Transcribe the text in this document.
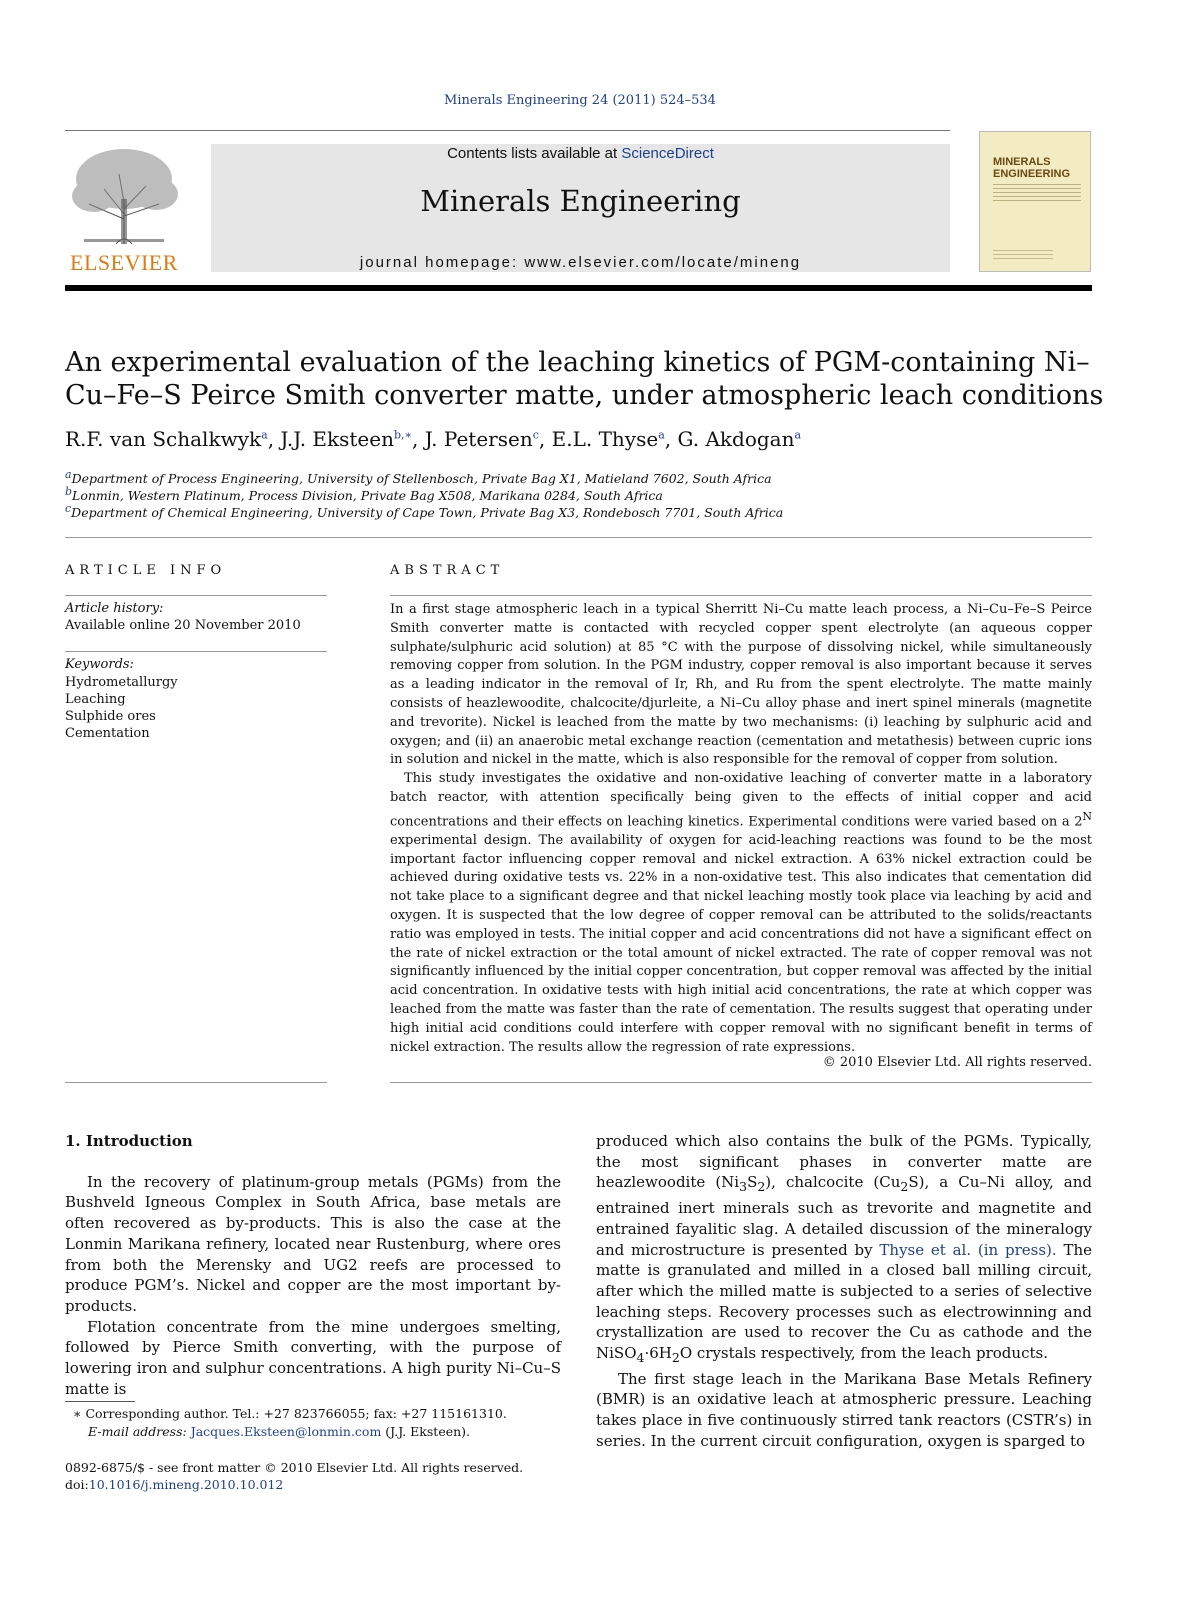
Minerals Engineering 24 (2011) 524–534
ELSEVIER
Contents lists available at ScienceDirect
Minerals Engineering
journal homepage: www.elsevier.com/locate/mineng
MINERALS ENGINEERING
An experimental evaluation of the leaching kinetics of PGM-containing Ni–Cu–Fe–S Peirce Smith converter matte, under atmospheric leach conditions
R.F. van Schalkwyk$^a$, J.J. Eksteen$^{b,∗}$, J. Petersen$^c$, E.L. Thyse$^a$, G. Akdogan$^a$
$^a$Department of Process Engineering, University of Stellenbosch, Private Bag X1, Matieland 7602, South Africa
$^b$Lonmin, Western Platinum, Process Division, Private Bag X508, Marikana 0284, South Africa
$^c$Department of Chemical Engineering, University of Cape Town, Private Bag X3, Rondebosch 7701, South Africa
ARTICLE INFO
Article history:
Available online 20 November 2010
Keywords:
Hydrometallurgy
Leaching
Sulphide ores
Cementation
ABSTRACT

In a first stage atmospheric leach in a typical Sherritt Ni–Cu matte leach process, a Ni–Cu–Fe–S Peirce Smith converter matte is contacted with recycled copper spent electrolyte (an aqueous copper sulphate/sulphuric acid solution) at 85 °C with the purpose of dissolving nickel, while simultaneously removing copper from solution. In the PGM industry, copper removal is also important because it serves as a leading indicator in the removal of Ir, Rh, and Ru from the spent electrolyte. The matte mainly consists of heazlewoodite, chalcocite/djurleite, a Ni–Cu alloy phase and inert spinel minerals (magnetite and trevorite). Nickel is leached from the matte by two mechanisms: (i) leaching by sulphuric acid and oxygen; and (ii) an anaerobic metal exchange reaction (cementation and metathesis) between cupric ions in solution and nickel in the matte, which is also responsible for the removal of copper from solution.

This study investigates the oxidative and non-oxidative leaching of converter matte in a laboratory batch reactor, with attention specifically being given to the effects of initial copper and acid concentrations and their effects on leaching kinetics. Experimental conditions were varied based on a $2^N$ experimental design. The availability of oxygen for acid-leaching reactions was found to be the most important factor influencing copper removal and nickel extraction. A 63% nickel extraction could be achieved during oxidative tests vs. 22% in a non-oxidative test. This also indicates that cementation did not take place to a significant degree and that nickel leaching mostly took place via leaching by acid and oxygen. It is suspected that the low degree of copper removal can be attributed to the solids/reactants ratio was employed in tests. The initial copper and acid concentrations did not have a significant effect on the rate of nickel extraction or the total amount of nickel extracted. The rate of copper removal was not significantly influenced by the initial copper concentration, but copper removal was affected by the initial acid concentration. In oxidative tests with high initial acid concentrations, the rate at which copper was leached from the matte was faster than the rate of cementation. The results suggest that operating under high initial acid conditions could interfere with copper removal with no significant benefit in terms of nickel extraction. The results allow the regression of rate expressions.

© 2010 Elsevier Ltd. All rights reserved.
1. Introduction

In the recovery of platinum-group metals (PGMs) from the Bushveld Igneous Complex in South Africa, base metals are often recovered as by-products. This is also the case at the Lonmin Marikana refinery, located near Rustenburg, where ores from both the Merensky and UG2 reefs are processed to produce PGM’s. Nickel and copper are the most important by-products.

Flotation concentrate from the mine undergoes smelting, followed by Pierce Smith converting, with the purpose of lowering iron and sulphur concentrations. A high purity Ni–Cu–S matte is

produced which also contains the bulk of the PGMs. Typically, the most significant phases in converter matte are heazlewoodite $(Ni_3S_2)$, chalcocite $(Cu_2S)$, a Cu–Ni alloy, and entrained inert minerals such as trevorite and magnetite and entrained fayalitic slag. A detailed discussion of the mineralogy and microstructure is presented by Thyse et al. (in press). The matte is granulated and milled in a closed ball milling circuit, after which the milled matte is subjected to a series of selective leaching steps. Recovery processes such as electrowinning and crystallization are used to recover the Cu as cathode and the $NiSO_4\cdot 6H_2O$ crystals respectively, from the leach products.

The first stage leach in the Marikana Base Metals Refinery (BMR) is an oxidative leach at atmospheric pressure. Leaching takes place in five continuously stirred tank reactors (CSTR’s) in series. In the current circuit configuration, oxygen is sparged to

∗ Corresponding author. Tel.: +27 823766055; fax: +27 115161310.
E-mail address: Jacques.Eksteen@lonmin.com (J.J. Eksteen).
0892-6875/$ - see front matter © 2010 Elsevier Ltd. All rights reserved.
doi:10.1016/j.mineng.2010.10.012
